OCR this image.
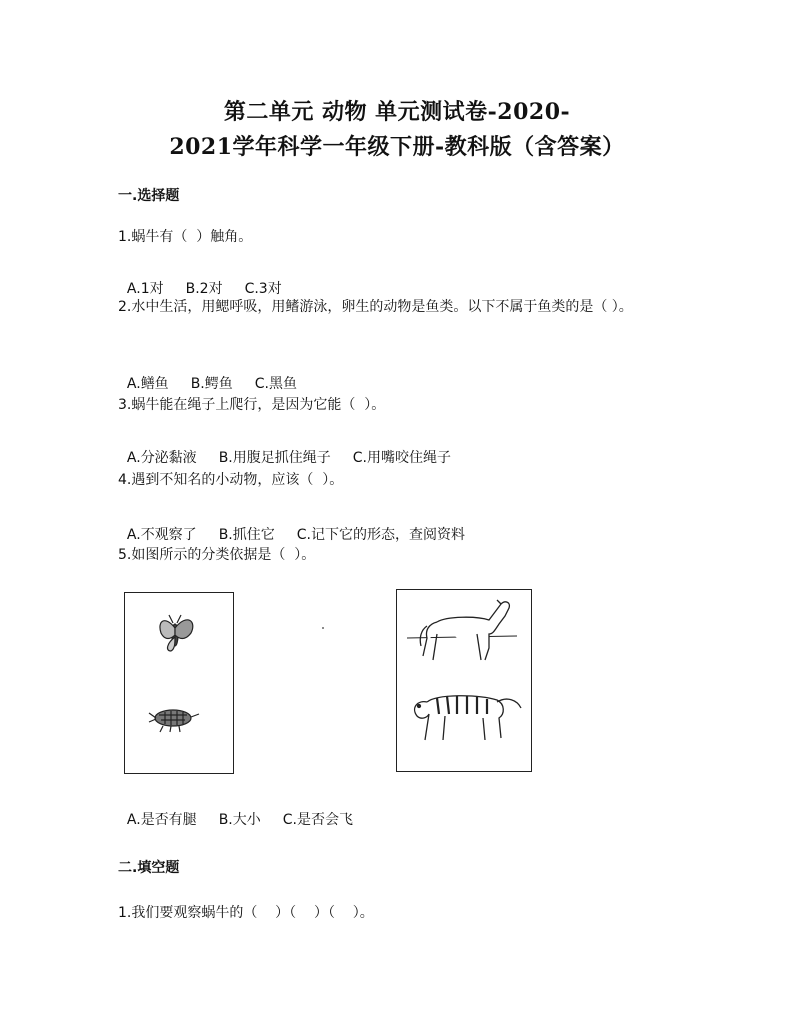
第二单元 动物 单元测试卷-2020-
2021学年科学一年级下册-教科版（含答案）
一.选择题
1.蜗牛有（  ）触角。

A.1对 B.2对 C.3对

2.水中生活，用鳃呼吸，用鳍游泳，卵生的动物是鱼类。以下不属于鱼类的是（ ）。

A.鳝鱼 B.鳄鱼 C.黑鱼

3.蜗牛能在绳子上爬行，是因为它能（  ）。

A.分泌黏液 B.用腹足抓住绳子 C.用嘴咬住绳子

4.遇到不知名的小动物，应该（  ）。

A.不观察了 B.抓住它 C.记下它的形态，查阅资料

5.如图所示的分类依据是（  ）。

A.是否有腿 B.大小 C.是否会飞

二.填空题
1.我们要观察蜗牛的（    ）（    ）（    ）。
